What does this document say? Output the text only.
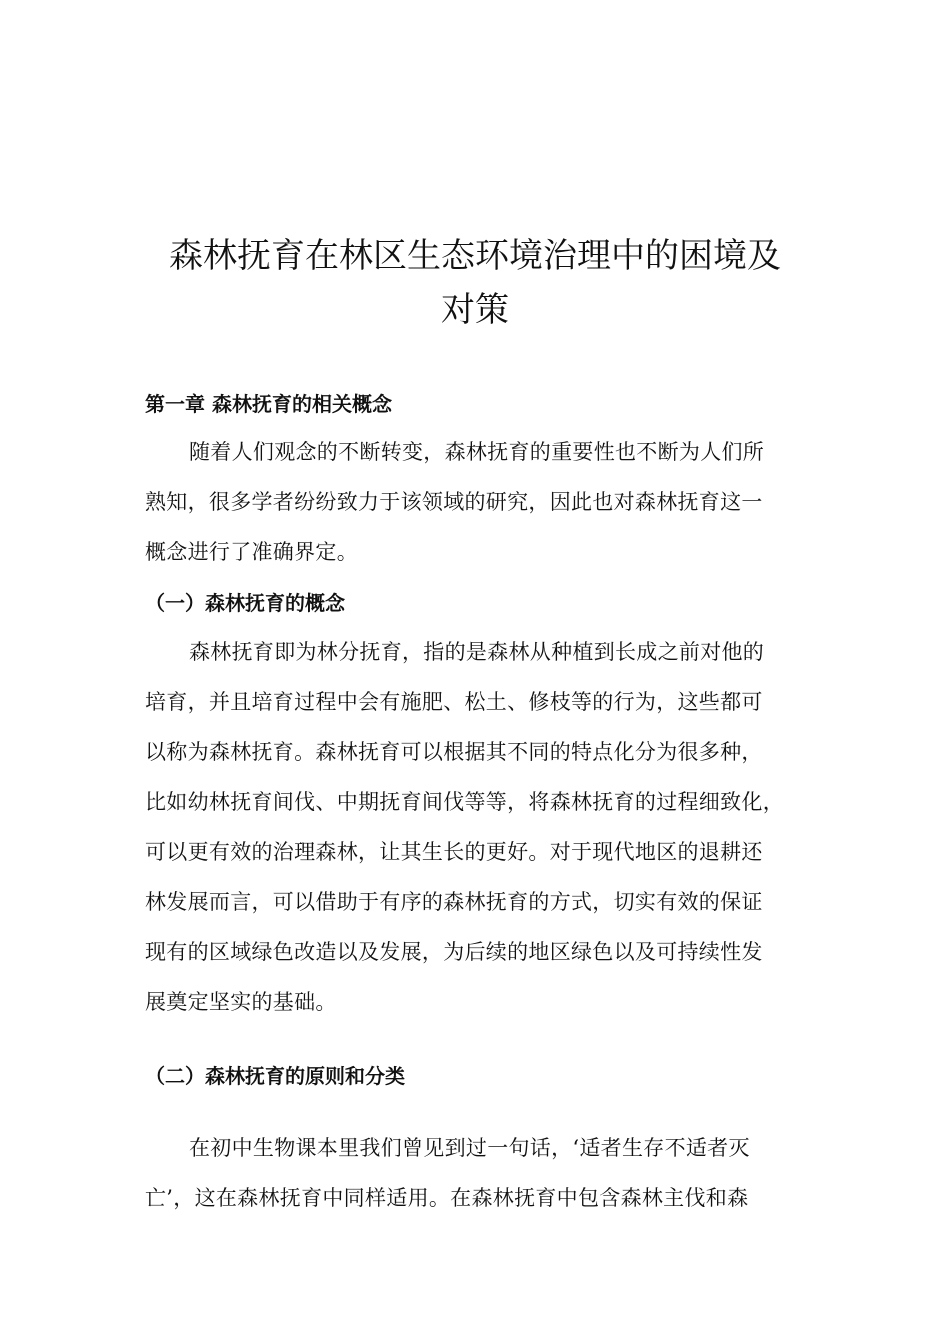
森林抚育在林区生态环境治理中的困境及
对策
第一章 森林抚育的相关概念
随着人们观念的不断转变，森林抚育的重要性也不断为人们所
熟知，很多学者纷纷致力于该领域的研究，因此也对森林抚育这一
概念进行了准确界定。
（一）森林抚育的概念
森林抚育即为林分抚育，指的是森林从种植到长成之前对他的
培育，并且培育过程中会有施肥、松土、修枝等的行为，这些都可
以称为森林抚育。森林抚育可以根据其不同的特点化分为很多种，
比如幼林抚育间伐、中期抚育间伐等等，将森林抚育的过程细致化，
可以更有效的治理森林，让其生长的更好。对于现代地区的退耕还
林发展而言，可以借助于有序的森林抚育的方式，切实有效的保证
现有的区域绿色改造以及发展，为后续的地区绿色以及可持续性发
展奠定坚实的基础。
（二）森林抚育的原则和分类
在初中生物课本里我们曾见到过一句话，‘适者生存不适者灭
亡’，这在森林抚育中同样适用。在森林抚育中包含森林主伐和森
